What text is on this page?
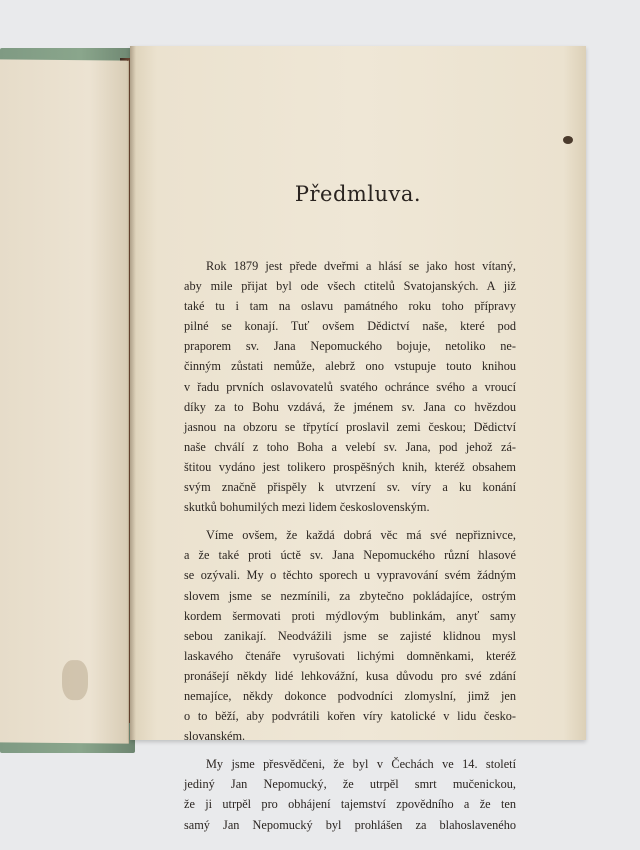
Předmluva.

Rok 1879 jest přede dveřmi a hlásí se jako host vítaný,

aby mile přijat byl ode všech ctitelů Svatojanských. A již

také tu i tam na oslavu památného roku toho přípravy

pilné se konají. Tuť ovšem Dědictví naše, které pod

praporem sv. Jana Nepomuckého bojuje, netoliko ne-

činným zůstati nemůže, alebrž ono vstupuje touto knihou

v řadu prvních oslavovatelů svatého ochránce svého a vroucí

díky za to Bohu vzdává, že jménem sv. Jana co hvězdou

jasnou na obzoru se třpytící proslavil zemi českou; Dědictví

naše chválí z toho Boha a velebí sv. Jana, pod jehož zá-

štitou vydáno jest tolikero prospěšných knih, kteréž obsahem

svým značně přispěly k utvrzení sv. víry a ku konání

skutků bohumilých mezi lidem československým.

Víme ovšem, že každá dobrá věc má své nepřiznivce,

a že také proti úctě sv. Jana Nepomuckého různí hlasové

se ozývali. My o těchto sporech u vypravování svém žádným

slovem jsme se nezmínili, za zbytečno pokládajíce, ostrým

kordem šermovati proti mýdlovým bublinkám, anyť samy

sebou zanikají. Neodvážili jsme se zajisté klidnou mysl

laskavého čtenáře vyrušovati lichými domněnkami, kteréž

pronášejí někdy lidé lehkovážní, kusa důvodu pro své zdání

nemajíce, někdy dokonce podvodníci zlomyslní, jimž jen

o to běží, aby podvrátili kořen víry katolické v lidu česko-

slovanském.

My jsme přesvědčeni, že byl v Čechách ve 14. století

jediný Jan Nepomucký, že utrpěl smrt mučenickou,

že ji utrpěl pro obhájení tajemství zpovědního a že ten

samý Jan Nepomucký byl prohlášen za blahoslaveného
